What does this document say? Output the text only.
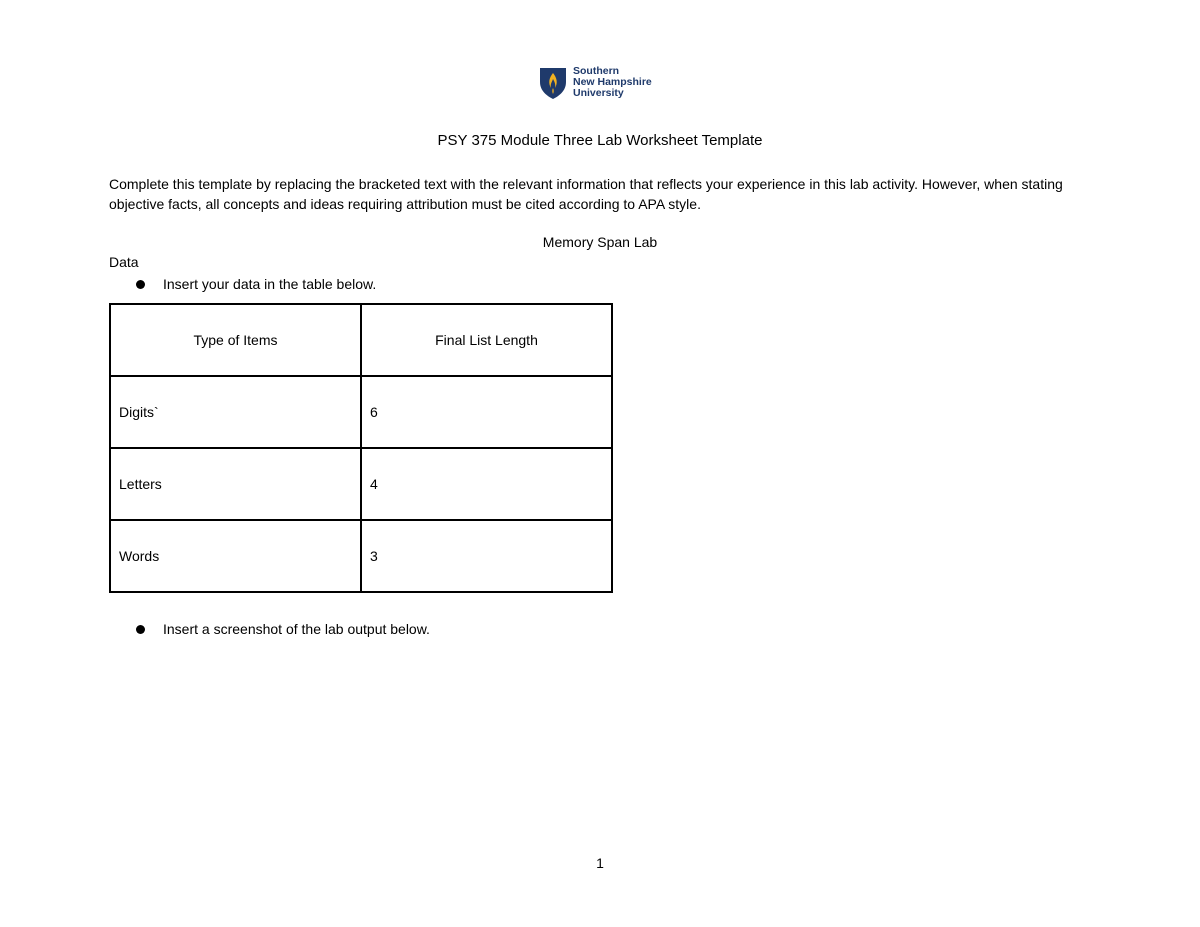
Southern
New Hampshire
University
PSY 375 Module Three Lab Worksheet Template
Complete this template by replacing the bracketed text with the relevant information that reflects your experience in this lab activity. However, when stating objective facts, all concepts and ideas requiring attribution must be cited according to APA style.
Memory Span Lab
Data
Insert your data in the table below.
Type of Items	Final List Length
Digits`	6
Letters	4
Words	3
Insert a screenshot of the lab output below.
1
